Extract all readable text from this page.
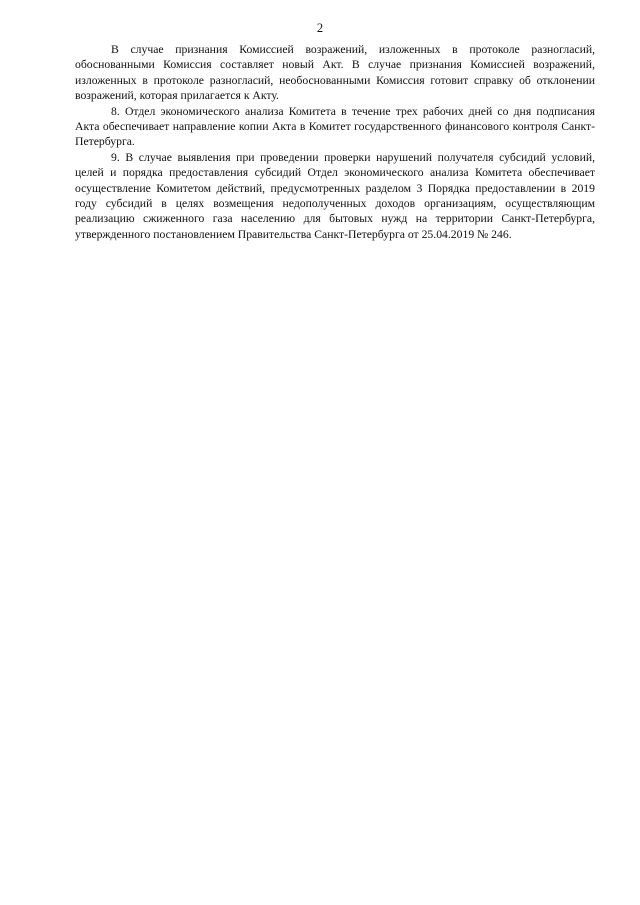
2

В случае признания Комиссией возражений, изложенных в протоколе разногласий, обоснованными Комиссия составляет новый Акт. В случае признания Комиссией возражений, изложенных в протоколе разногласий, необоснованными Комиссия готовит справку об отклонении возражений, которая прилагается к Акту.

8. Отдел экономического анализа Комитета в течение трех рабочих дней со дня подписания Акта обеспечивает направление копии Акта в Комитет государственного финансового контроля Санкт-Петербурга.

9. В случае выявления при проведении проверки нарушений получателя субсидий условий, целей и порядка предоставления субсидий Отдел экономического анализа Комитета обеспечивает осуществление Комитетом действий, предусмотренных разделом 3 Порядка предоставлении в 2019 году субсидий в целях возмещения недополученных доходов организациям, осуществляющим реализацию сжиженного газа населению для бытовых нужд на территории Санкт-Петербурга, утвержденного постановлением Правительства Санкт-Петербурга от 25.04.2019 № 246.
